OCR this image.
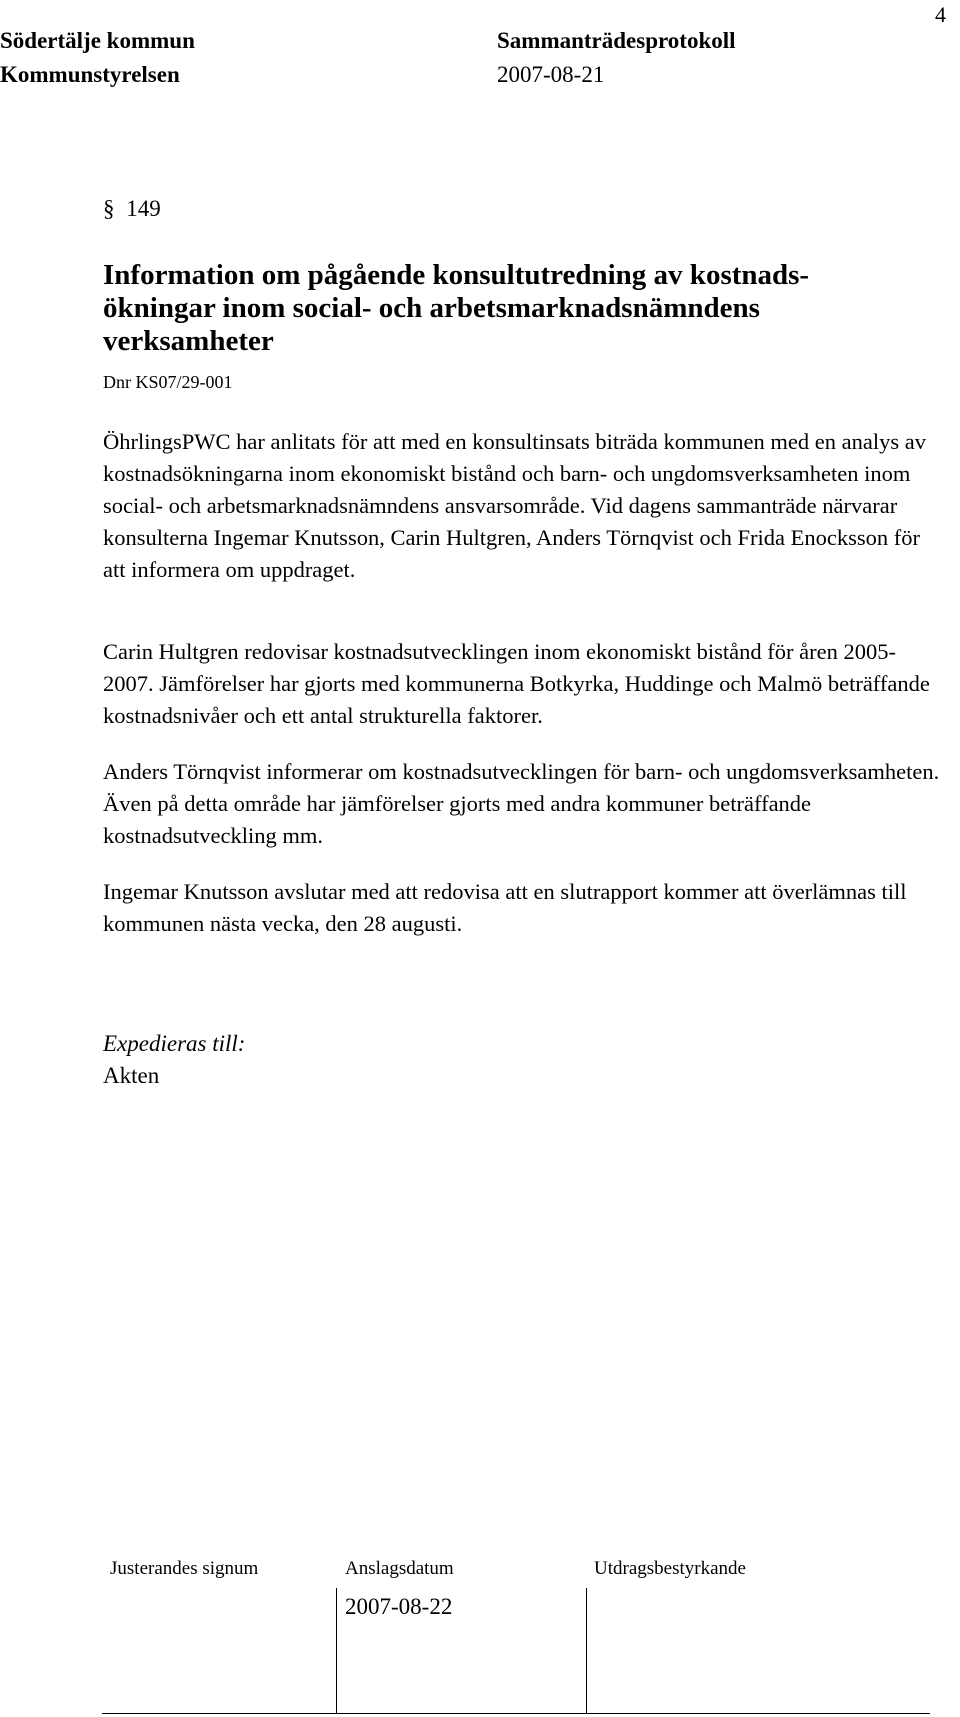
4
Södertälje kommun
Kommunstyrelsen
Sammanträdesprotokoll
2007-08-21
§ 149
Information om pågående konsultutredning av kostnads-
ökningar inom social- och arbetsmarknadsnämndens
verksamheter
Dnr KS07/29-001

ÖhrlingsPWC har anlitats för att med en konsultinsats biträda kommunen med en analys av kostnadsökningarna inom ekonomiskt bistånd och barn- och ungdomsverksamheten inom social- och arbetsmarknadsnämndens ansvarsområde. Vid dagens sammanträde närvarar konsulterna Ingemar Knutsson, Carin Hultgren, Anders Törnqvist och Frida Enocksson för att informera om uppdraget.

Carin Hultgren redovisar kostnadsutvecklingen inom ekonomiskt bistånd för åren 2005-2007. Jämförelser har gjorts med kommunerna Botkyrka, Huddinge och Malmö beträffande kostnadsnivåer och ett antal strukturella faktorer.

Anders Törnqvist informerar om kostnadsutvecklingen för barn- och ungdomsverksamheten. Även på detta område har jämförelser gjorts med andra kommuner beträffande kostnadsutveckling mm.

Ingemar Knutsson avslutar med att redovisa att en slutrapport kommer att överlämnas till kommunen nästa vecka, den 28 augusti.

Expedieras till:
Akten
Justerandes signum	Anslagsdatum	Utdragsbestyrkande
2007-08-22
